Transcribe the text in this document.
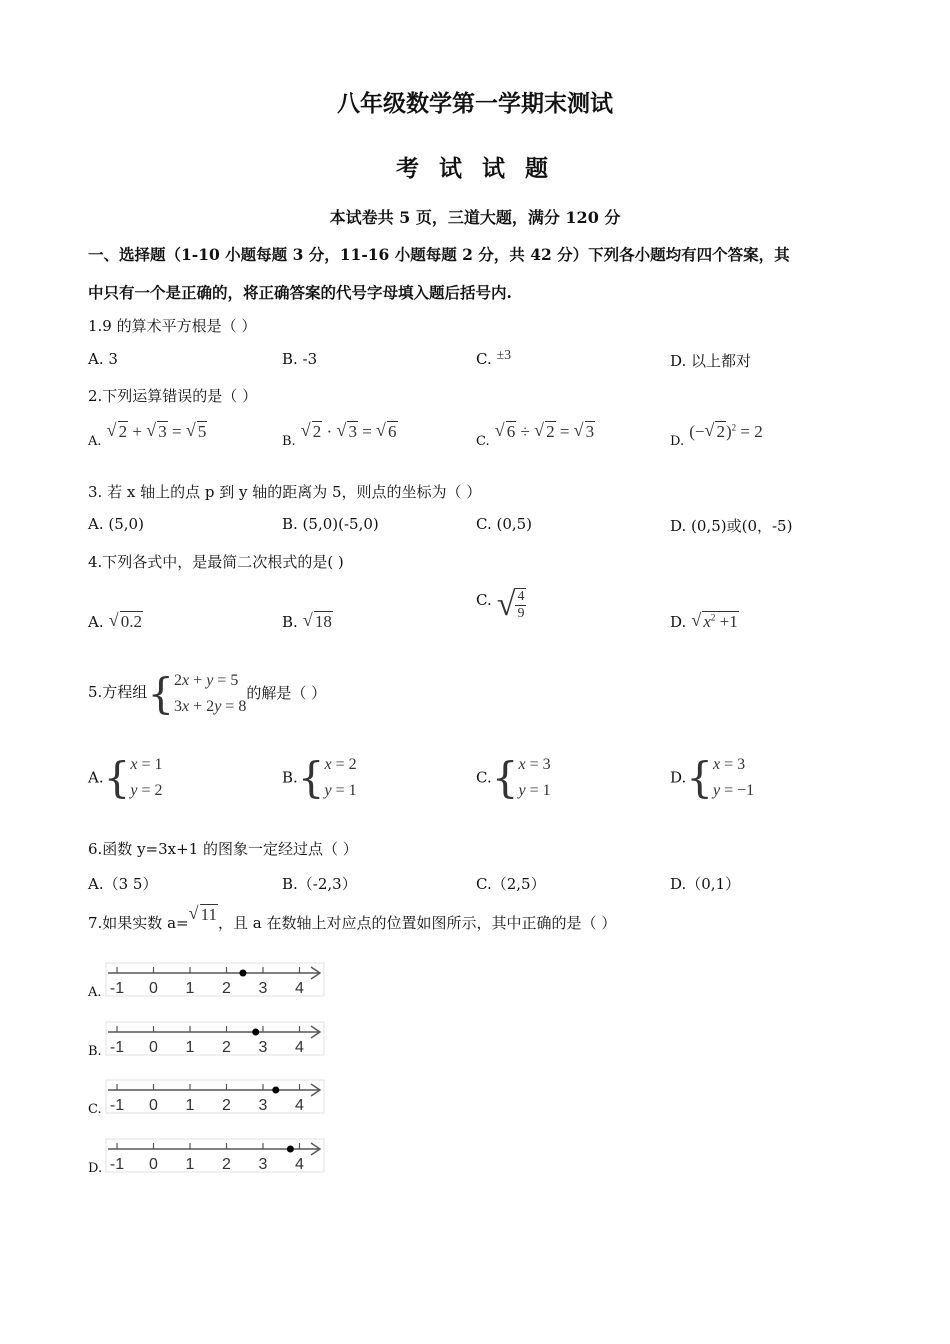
八年级数学第一学期末测试
考 试 试 题
本试卷共 5 页，三道大题，满分 120 分
一、选择题（1-10 小题每题 3 分，11-16 小题每题 2 分，共 42 分）下列各小题均有四个答案，其
中只有一个是正确的，将正确答案的代号字母填入题后括号内.
1.9 的算术平方根是（ ）
A. 3	B. -3	C. ±3	D. 以上都对
2.下列运算错误的是（ ）
$_{A.}$
√ 2 + √ 3 = √ 5
$_{B.}$
√ 2 · √ 3 = √ 6
$_{C.}$
√ 6 ÷ √ 2 = √ 3
$_{D.}$ (− √ 2)$^2$ = 2
3. 若 x 轴上的点 p 到 y 轴的距离为 5，则点的坐标为（ ）
A. (5,0)	B. (5,0)(-5,0)	C. (0,5)	D. (0,5)或(0，-5)
4.下列各式中，是最简二次根式的是( )
A. √ 0.2	B. √ 18
C. √ $\frac{4}{9}$	D. √ $x^2 +1$
5.方程组{2x + y = 5
3x + 2y = 8的解是（ ）
A.{x = 1
y = 2
B.{x = 2
y = 1
C.{x = 3
y = 1
D.{x = 3
y = −1
6.函数 y=3x+1 的图象一定经过点（ ）
A.（3 5）	B.（-2,3）	C.（2,5）	D.（0,1）
7.如果实数 a= √ 11，且 a 在数轴上对应点的位置如图所示，其中正确的是（ ）
A. -1 0 1 2 3 4
B. -1 0 1 2 3 4
C. -1 0 1 2 3 4
D. -1 0 1 2 3 4
